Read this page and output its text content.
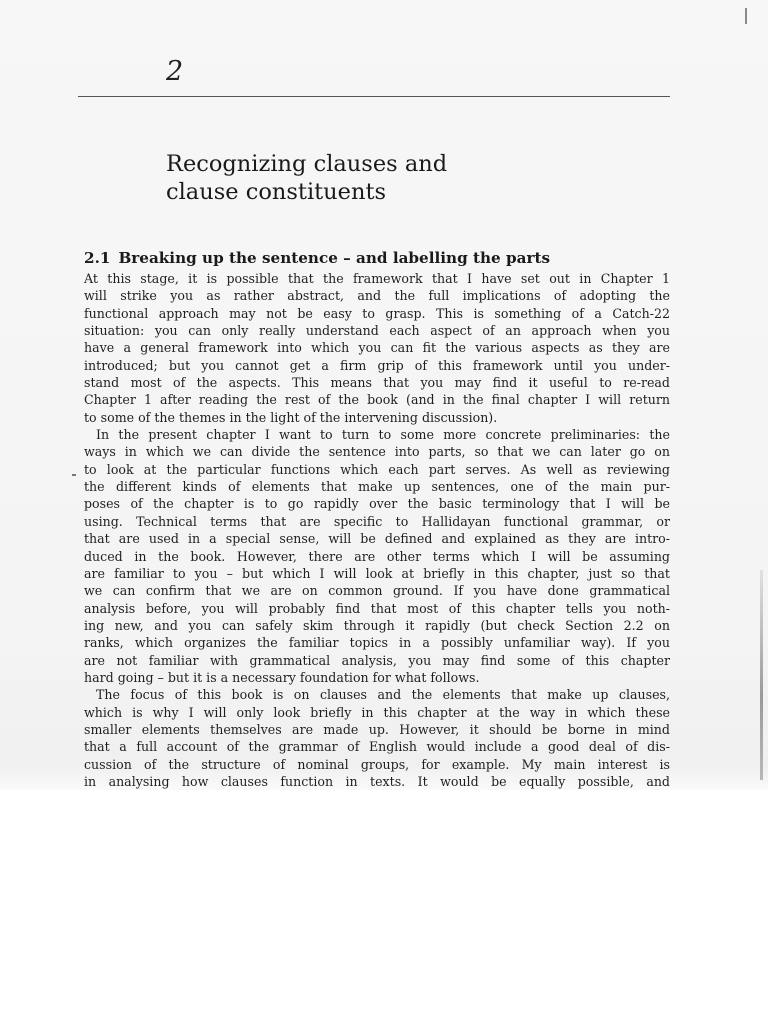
2
Recognizing clauses and
clause constituents
2.1 Breaking up the sentence – and labelling the parts
At this stage, it is possible that the framework that I have set out in Chapter 1
will strike you as rather abstract, and the full implications of adopting the
functional approach may not be easy to grasp. This is something of a Catch-22
situation: you can only really understand each aspect of an approach when you
have a general framework into which you can fit the various aspects as they are
introduced; but you cannot get a firm grip of this framework until you under-
stand most of the aspects. This means that you may find it useful to re-read
Chapter 1 after reading the rest of the book (and in the final chapter I will return
to some of the themes in the light of the intervening discussion).
In the present chapter I want to turn to some more concrete preliminaries: the
ways in which we can divide the sentence into parts, so that we can later go on
to look at the particular functions which each part serves. As well as reviewing
the different kinds of elements that make up sentences, one of the main pur-
poses of the chapter is to go rapidly over the basic terminology that I will be
using. Technical terms that are specific to Hallidayan functional grammar, or
that are used in a special sense, will be defined and explained as they are intro-
duced in the book. However, there are other terms which I will be assuming
are familiar to you – but which I will look at briefly in this chapter, just so that
we can confirm that we are on common ground. If you have done grammatical
analysis before, you will probably find that most of this chapter tells you noth-
ing new, and you can safely skim through it rapidly (but check Section 2.2 on
ranks, which organizes the familiar topics in a possibly unfamiliar way). If you
are not familiar with grammatical analysis, you may find some of this chapter
hard going – but it is a necessary foundation for what follows.
The focus of this book is on clauses and the elements that make up clauses,
which is why I will only look briefly in this chapter at the way in which these
smaller elements themselves are made up. However, it should be borne in mind
that a full account of the grammar of English would include a good deal of dis-
cussion of the structure of nominal groups, for example. My main interest is
in analysing how clauses function in texts. It would be equally possible, and
